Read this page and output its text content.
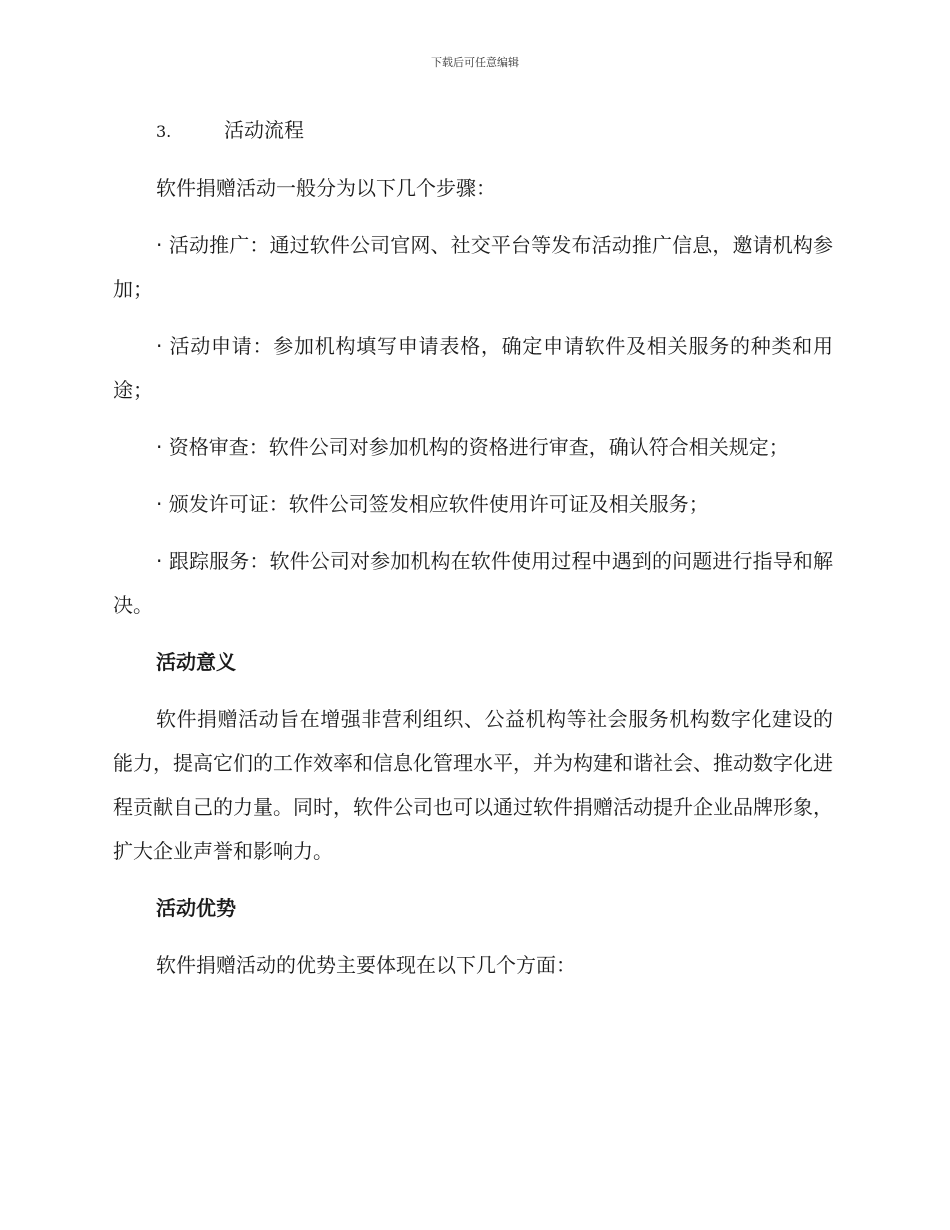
下载后可任意编辑
3.	活动流程

软件捐赠活动一般分为以下几个步骤：

· 活动推广：通过软件公司官网、社交平台等发布活动推广信息，邀请机构参加；

· 活动申请：参加机构填写申请表格，确定申请软件及相关服务的种类和用途；

· 资格审查：软件公司对参加机构的资格进行审查，确认符合相关规定；

· 颁发许可证：软件公司签发相应软件使用许可证及相关服务；

· 跟踪服务：软件公司对参加机构在软件使用过程中遇到的问题进行指导和解决。

活动意义

软件捐赠活动旨在增强非营利组织、公益机构等社会服务机构数字化建设的能力，提高它们的工作效率和信息化管理水平，并为构建和谐社会、推动数字化进程贡献自己的力量。同时，软件公司也可以通过软件捐赠活动提升企业品牌形象，扩大企业声誉和影响力。

活动优势

软件捐赠活动的优势主要体现在以下几个方面：
